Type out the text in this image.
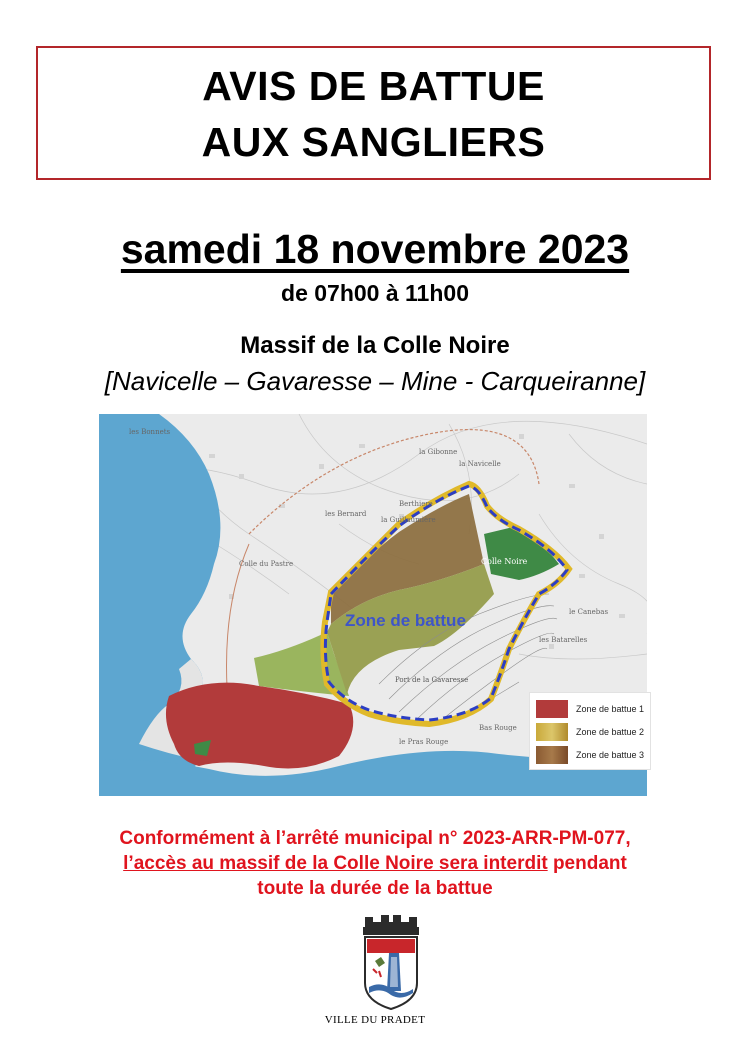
AVIS DE BATTUE
AUX SANGLIERS
samedi 18 novembre 2023
de 07h00 à 11h00
Massif de la Colle Noire
[Navicelle – Gavaresse – Mine - Carqueiranne]
Zone de battue
Colle Noire
les Bonnets
Colle du Pastre
la Navicelle
Berthiere
les Bernard
la Guillaumière
Port de la Gavaresse
les Batarelles
le Canebas
Bas Rouge
le Pras Rouge
la Gibonne
Zone de battue 1
Zone de battue 2
Zone de battue 3
Conformément à l’arrêté municipal n° 2023-ARR-PM-077,
l’accès au massif de la Colle Noire sera interdit pendant
toute la durée de la battue
VILLE DU PRADET
